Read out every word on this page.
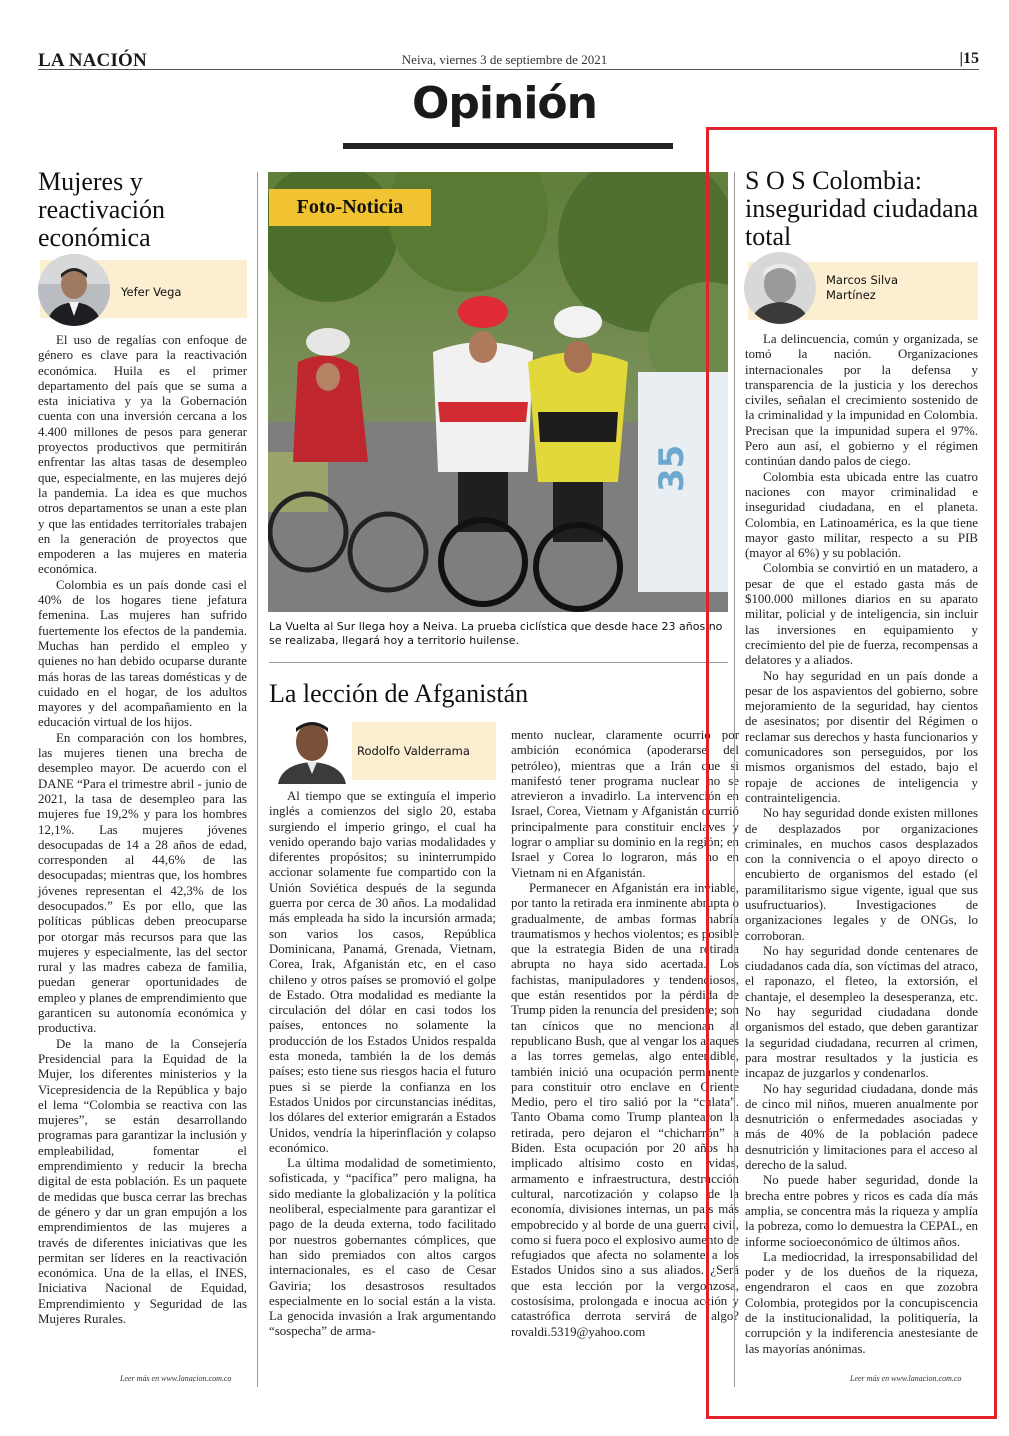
LA NACIÓN	Neiva, viernes 3 de septiembre de 2021	|15
Opinión
Mujeres y reactivación económica
Yefer Vega

El uso de regalías con enfoque de género es clave para la reactivación económica. Huila es el primer departamento del país que se suma a esta iniciativa y ya la Gobernación cuenta con una inversión cercana a los 4.400 millones de pesos para generar proyectos productivos que permitirán enfrentar las altas tasas de desempleo que, especialmente, en las mujeres dejó la pandemia. La idea es que muchos otros departamentos se unan a este plan y que las entidades territoriales trabajen en la generación de proyectos que empoderen a las mujeres en materia económica.

Colombia es un país donde casi el 40% de los hogares tiene jefatura femenina. Las mujeres han sufrido fuertemente los efectos de la pandemia. Muchas han perdido el empleo y quienes no han debido ocuparse durante más horas de las tareas domésticas y de cuidado en el hogar, de los adultos mayores y del acompañamiento en la educación virtual de los hijos.

En comparación con los hombres, las mujeres tienen una brecha de desempleo mayor. De acuerdo con el DANE “Para el trimestre abril - junio de 2021, la tasa de desempleo para las mujeres fue 19,2% y para los hombres 12,1%. Las mujeres jóvenes desocupadas de 14 a 28 años de edad, corresponden al 44,6% de las desocupadas; mientras que, los hombres jóvenes representan el 42,3% de los desocupados.” Es por ello, que las políticas públicas deben preocuparse por otorgar más recursos para que las mujeres y especialmente, las del sector rural y las madres cabeza de familia, puedan generar oportunidades de empleo y planes de emprendimiento que garanticen su autonomía económica y productiva.

De la mano de la Consejería Presidencial para la Equidad de la Mujer, los diferentes ministerios y la Vicepresidencia de la República y bajo el lema “Colombia se reactiva con las mujeres”, se están desarrollando programas para garantizar la inclusión y empleabilidad, fomentar el emprendimiento y reducir la brecha digital de esta población. Es un paquete de medidas que busca cerrar las brechas de género y dar un gran empujón a los emprendimientos de las mujeres a través de diferentes iniciativas que les permitan ser líderes en la reactivación económica. Una de la ellas, el INES, Iniciativa Nacional de Equidad, Emprendimiento y Seguridad de las Mujeres Rurales.

Leer más en www.lanacion.com.co
35
Foto-Noticia
La Vuelta al Sur llega hoy a Neiva. La prueba ciclística que desde hace 23 años no se realizaba, llegará hoy a territorio huilense.
La lección de Afganistán
Rodolfo Valderrama

Al tiempo que se extinguía el imperio inglés a comienzos del siglo 20, estaba surgiendo el imperio gringo, el cual ha venido operando bajo varias modalidades y diferentes propósitos; su ininterrumpido accionar solamente fue compartido con la Unión Soviética después de la segunda guerra por cerca de 30 años. La modalidad más empleada ha sido la incursión armada; son varios los casos, República Dominicana, Panamá, Grenada, Vietnam, Corea, Irak, Afganistán etc, en el caso chileno y otros países se promovió el golpe de Estado. Otra modalidad es mediante la circulación del dólar en casi todos los países, entonces no solamente la producción de los Estados Unidos respalda esta moneda, también la de los demás países; esto tiene sus riesgos hacia el futuro pues si se pierde la confianza en los Estados Unidos por circunstancias inéditas, los dólares del exterior emigrarán a Estados Unidos, vendría la hiperinflación y colapso económico.

La última modalidad de sometimiento, sofisticada, y “pacífica” pero maligna, ha sido mediante la globalización y la política neoliberal, especialmente para garantizar el pago de la deuda externa, todo facilitado por nuestros gobernantes cómplices, que han sido premiados con altos cargos internacionales, es el caso de Cesar Gaviria; los desastrosos resultados especialmente en lo social están a la vista. La genocida invasión a Irak argumentando “sospecha” de arma-

mento nuclear, claramente ocurrió por ambición económica (apoderarse del petróleo), mientras que a Irán que si manifestó tener programa nuclear no se atrevieron a invadirlo. La intervención en Israel, Corea, Vietnam y Afganistán ocurrió principalmente para constituir enclaves y lograr o ampliar su dominio en la región; en Israel y Corea lo lograron, más no en Vietnam ni en Afganistán.

Permanecer en Afganistán era inviable, por tanto la retirada era inminente abrupta o gradualmente, de ambas formas habría traumatismos y hechos violentos; es posible que la estrategia Biden de una retirada abrupta no haya sido acertada. Los fachistas, manipuladores y tendenciosos, que están resentidos por la pérdida de Trump piden la renuncia del presidente; son tan cínicos que no mencionan al republicano Bush, que al vengar los ataques a las torres gemelas, algo entendible, también inició una ocupación permanente para constituir otro enclave en Oriente Medio, pero el tiro salió por la “culata”. Tanto Obama como Trump plantearon la retirada, pero dejaron el “chicharrón” a Biden. Esta ocupación por 20 años ha implicado altísimo costo en vidas, armamento e infraestructura, destrucción cultural, narcotización y colapso de la economía, divisiones internas, un país más empobrecido y al borde de una guerra civil, como si fuera poco el explosivo aumento de refugiados que afecta no solamente a los Estados Unidos sino a sus aliados. ¿Será que esta lección por la vergonzosa, costosísima, prolongada e inocua acción y catastrófica derrota servirá de algo? rovaldi.5319@yahoo.com

S O S Colombia: inseguridad ciudadana total
Marcos Silva Martínez

La delincuencia, común y organizada, se tomó la nación. Organizaciones internacionales por la defensa y transparencia de la justicia y los derechos civiles, señalan el crecimiento sostenido de la criminalidad y la impunidad en Colombia. Precisan que la impunidad supera el 97%. Pero aun así, el gobierno y el régimen continúan dando palos de ciego.

Colombia esta ubicada entre las cuatro naciones con mayor criminalidad e inseguridad ciudadana, en el planeta. Colombia, en Latinoamérica, es la que tiene mayor gasto militar, respecto a su PIB (mayor al 6%) y su población.

Colombia se convirtió en un matadero, a pesar de que el estado gasta más de $100.000 millones diarios en su aparato militar, policial y de inteligencia, sin incluir las inversiones en equipamiento y crecimiento del pie de fuerza, recompensas a delatores y a aliados.

No hay seguridad en un país donde a pesar de los aspavientos del gobierno, sobre mejoramiento de la seguridad, hay cientos de asesinatos; por disentir del Régimen o reclamar sus derechos y hasta funcionarios y comunicadores son perseguidos, por los mismos organismos del estado, bajo el ropaje de acciones de inteligencia y contrainteligencia.

No hay seguridad donde existen millones de desplazados por organizaciones criminales, en muchos casos desplazados con la connivencia o el apoyo directo o encubierto de organismos del estado (el paramilitarismo sigue vigente, igual que sus usufructuarios). Investigaciones de organizaciones legales y de ONGs, lo corroboran.

No hay seguridad donde centenares de ciudadanos cada día, son víctimas del atraco, el raponazo, el fleteo, la extorsión, el chantaje, el desempleo la desesperanza, etc. No hay seguridad ciudadana donde organismos del estado, que deben garantizar la seguridad ciudadana, recurren al crimen, para mostrar resultados y la justicia es incapaz de juzgarlos y condenarlos.

No hay seguridad ciudadana, donde más de cinco mil niños, mueren anualmente por desnutrición o enfermedades asociadas y más de 40% de la población padece desnutrición y limitaciones para el acceso al derecho de la salud.

No puede haber seguridad, donde la brecha entre pobres y ricos es cada día más amplia, se concentra más la riqueza y amplía la pobreza, como lo demuestra la CEPAL, en informe socioeconómico de últimos años.

La mediocridad, la irresponsabilidad del poder y de los dueños de la riqueza, engendraron el caos en que zozobra Colombia, protegidos por la concupiscencia de la institucionalidad, la politiquería, la corrupción y la indiferencia anestesiante de las mayorías anónimas.

Leer más en www.lanacion.com.co
